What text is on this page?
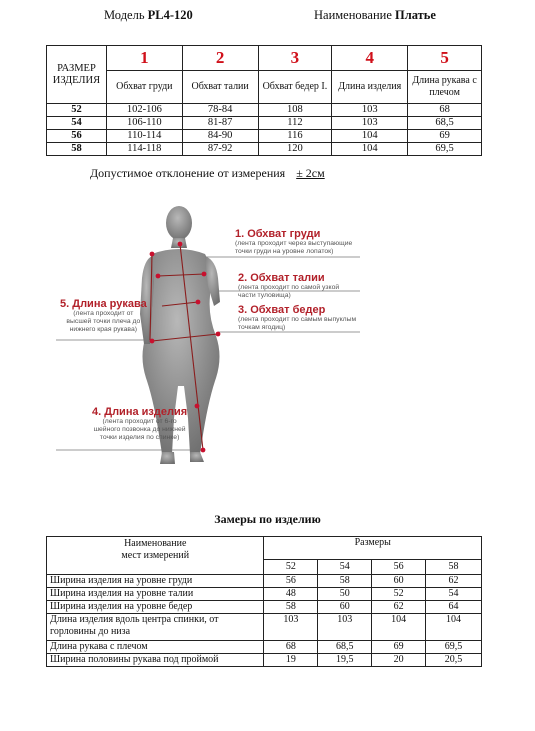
Модель PL4-120	Наименование Платье
РАЗМЕР ИЗДЕЛИЯ	1	2	3	4	5
	Обхват груди	Обхват талии	Обхват бедер I.	Длина изделия	Длина рукава с плечом
52	102-106	78-84	108	103	68
54	106-110	81-87	112	103	68,5
56	110-114	84-90	116	104	69
58	114-118	87-92	120	104	69,5
Допустимое отклонение от измерения ± 2см
1. Обхват груди
(лента проходит через выступающие
точки груди на уровне лопаток)
2. Обхват талии
(лента проходит по самой узкой
части туловища)
3. Обхват бедер
(лента проходит по самым выпуклым
точкам ягодиц)
5. Длина рукава
(лента проходит от
высшей точки плеча до
нижнего края рукава)
4. Длина изделия
(лента проходит от 6-го
шейного позвонка до нижней
точки изделия по спинке)
Замеры по изделию
Наименование
мест измерений	Размеры			
	52	54	56	58
Ширина изделия на уровне груди	56	58	60	62
Ширина изделия на уровне талии	48	50	52	54
Ширина изделия на уровне бедер	58	60	62	64
Длина изделия вдоль центра спинки, от горловины до низа	103	103	104	104
Длина рукава с плечом	68	68,5	69	69,5
Ширина половины рукава под проймой	19	19,5	20	20,5
